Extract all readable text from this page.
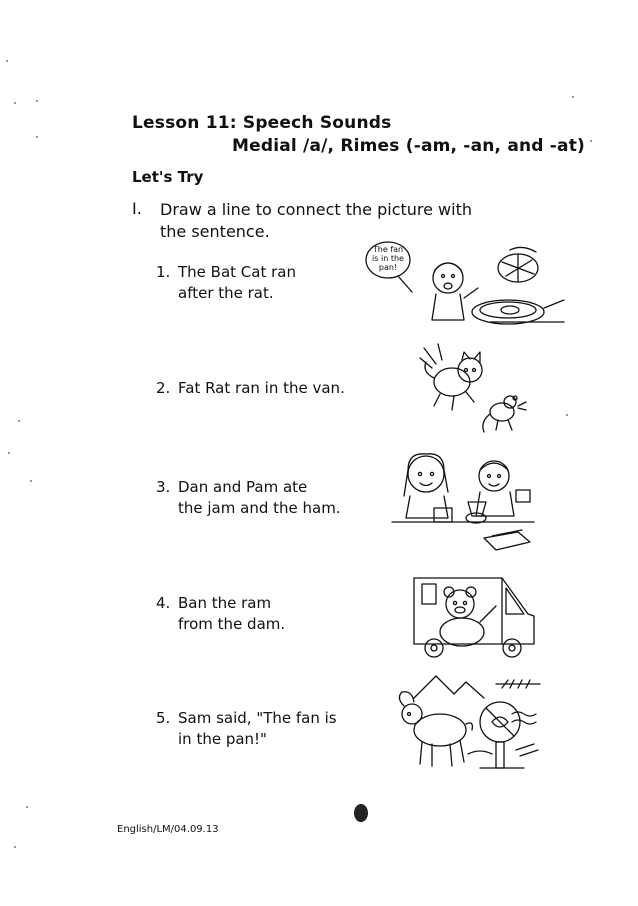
Lesson 11: Speech Sounds
Medial /a/, Rimes (-am, -an, and -at)
Let's Try
I. Draw a line to connect the picture with
the sentence.
1. The Bat Cat ran
after the rat.
2. Fat Rat ran in the van.
3. Dan and Pam ate
the jam and the ham.
4. Ban the ram
from the dam.
5. Sam said, "The fan is
in the pan!"
The fan
is in the
pan!
English/LM/04.09.13
